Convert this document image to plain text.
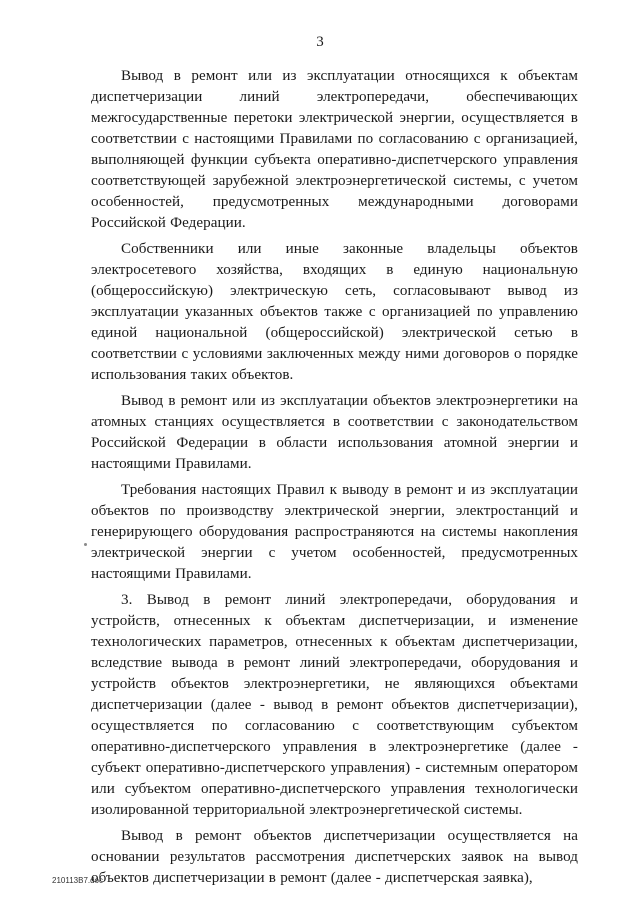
3

Вывод в ремонт или из эксплуатации относящихся к объектам диспетчеризации линий электропередачи, обеспечивающих межгосударственные перетоки электрической энергии, осуществляется в соответствии с настоящими Правилами по согласованию с организацией, выполняющей функции субъекта оперативно-диспетчерского управления соответствующей зарубежной электроэнергетической системы, с учетом особенностей, предусмотренных международными договорами Российской Федерации.

Собственники или иные законные владельцы объектов электросетевого хозяйства, входящих в единую национальную (общероссийскую) электрическую сеть, согласовывают вывод из эксплуатации указанных объектов также с организацией по управлению единой национальной (общероссийской) электрической сетью в соответствии с условиями заключенных между ними договоров о порядке использования таких объектов.

Вывод в ремонт или из эксплуатации объектов электроэнергетики на атомных станциях осуществляется в соответствии с законодательством Российской Федерации в области использования атомной энергии и настоящими Правилами.

Требования настоящих Правил к выводу в ремонт и из эксплуатации объектов по производству электрической энергии, электростанций и генерирующего оборудования распространяются на системы накопления электрической энергии с учетом особенностей, предусмотренных настоящими Правилами.

3. Вывод в ремонт линий электропередачи, оборудования и устройств, отнесенных к объектам диспетчеризации, и изменение технологических параметров, отнесенных к объектам диспетчеризации, вследствие вывода в ремонт линий электропередачи, оборудования и устройств объектов электроэнергетики, не являющихся объектами диспетчеризации (далее - вывод в ремонт объектов диспетчеризации), осуществляется по согласованию с соответствующим субъектом оперативно-диспетчерского управления в электроэнергетике (далее - субъект оперативно-диспетчерского управления) - системным оператором или субъектом оперативно-диспетчерского управления технологически изолированной территориальной электроэнергетической системы.

Вывод в ремонт объектов диспетчеризации осуществляется на основании результатов рассмотрения диспетчерских заявок на вывод объектов диспетчеризации в ремонт (далее - диспетчерская заявка),

210113В7.doc
